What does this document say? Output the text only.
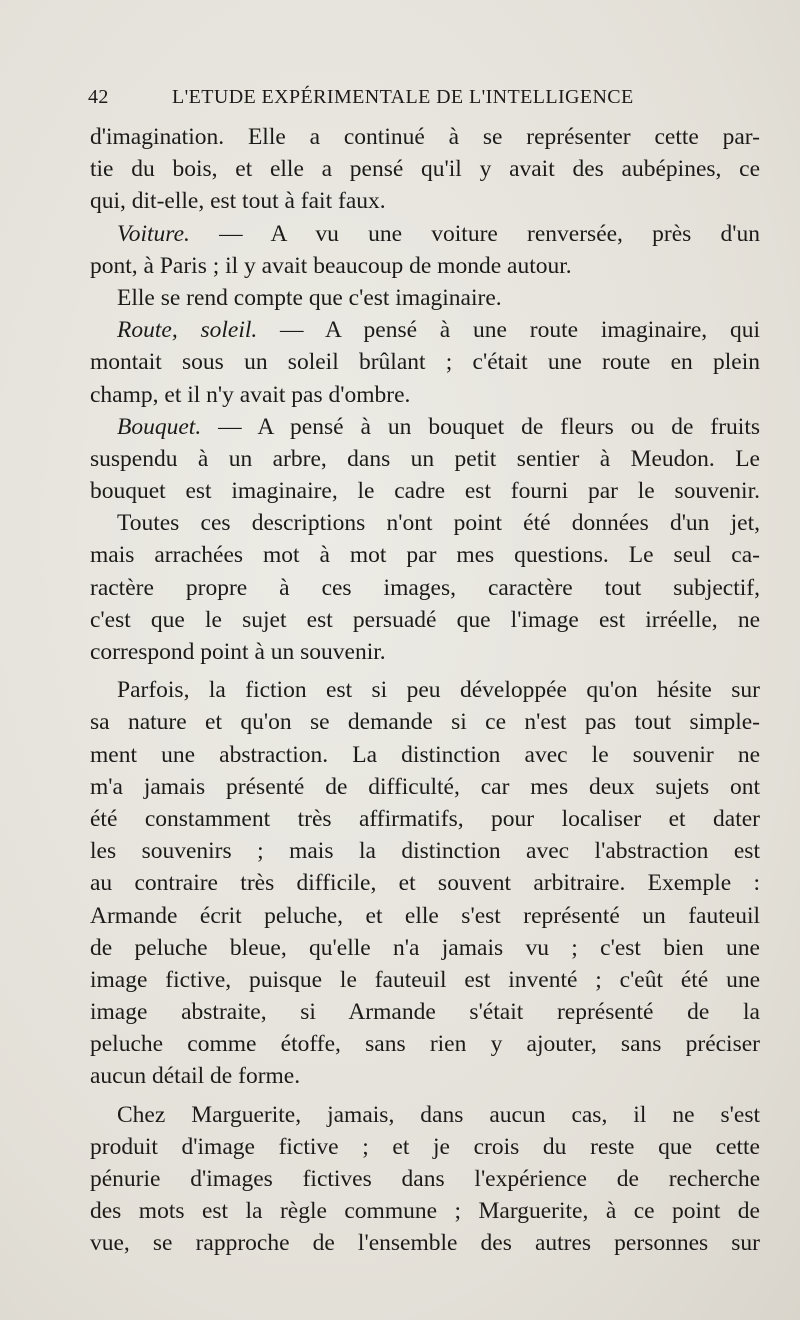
42	L'ETUDE EXPÉRIMENTALE DE L'INTELLIGENCE
d'imagination. Elle a continué à se représenter cette par-
tie du bois, et elle a pensé qu'il y avait des aubépines, ce
qui, dit-elle, est tout à fait faux.
Voiture. — A vu une voiture renversée, près d'un
pont, à Paris ; il y avait beaucoup de monde autour.
Elle se rend compte que c'est imaginaire.
Route, soleil. — A pensé à une route imaginaire, qui
montait sous un soleil brûlant ; c'était une route en plein
champ, et il n'y avait pas d'ombre.
Bouquet. — A pensé à un bouquet de fleurs ou de fruits
suspendu à un arbre, dans un petit sentier à Meudon. Le
bouquet est imaginaire, le cadre est fourni par le souvenir.
Toutes ces descriptions n'ont point été données d'un jet,
mais arrachées mot à mot par mes questions. Le seul ca-
ractère propre à ces images, caractère tout subjectif,
c'est que le sujet est persuadé que l'image est irréelle, ne
correspond point à un souvenir.
Parfois, la fiction est si peu développée qu'on hésite sur
sa nature et qu'on se demande si ce n'est pas tout simple-
ment une abstraction. La distinction avec le souvenir ne
m'a jamais présenté de difficulté, car mes deux sujets ont
été constamment très affirmatifs, pour localiser et dater
les souvenirs ; mais la distinction avec l'abstraction est
au contraire très difficile, et souvent arbitraire. Exemple :
Armande écrit peluche, et elle s'est représenté un fauteuil
de peluche bleue, qu'elle n'a jamais vu ; c'est bien une
image fictive, puisque le fauteuil est inventé ; c'eût été une
image abstraite, si Armande s'était représenté de la
peluche comme étoffe, sans rien y ajouter, sans préciser
aucun détail de forme.
Chez Marguerite, jamais, dans aucun cas, il ne s'est
produit d'image fictive ; et je crois du reste que cette
pénurie d'images fictives dans l'expérience de recherche
des mots est la règle commune ; Marguerite, à ce point de
vue, se rapproche de l'ensemble des autres personnes sur
